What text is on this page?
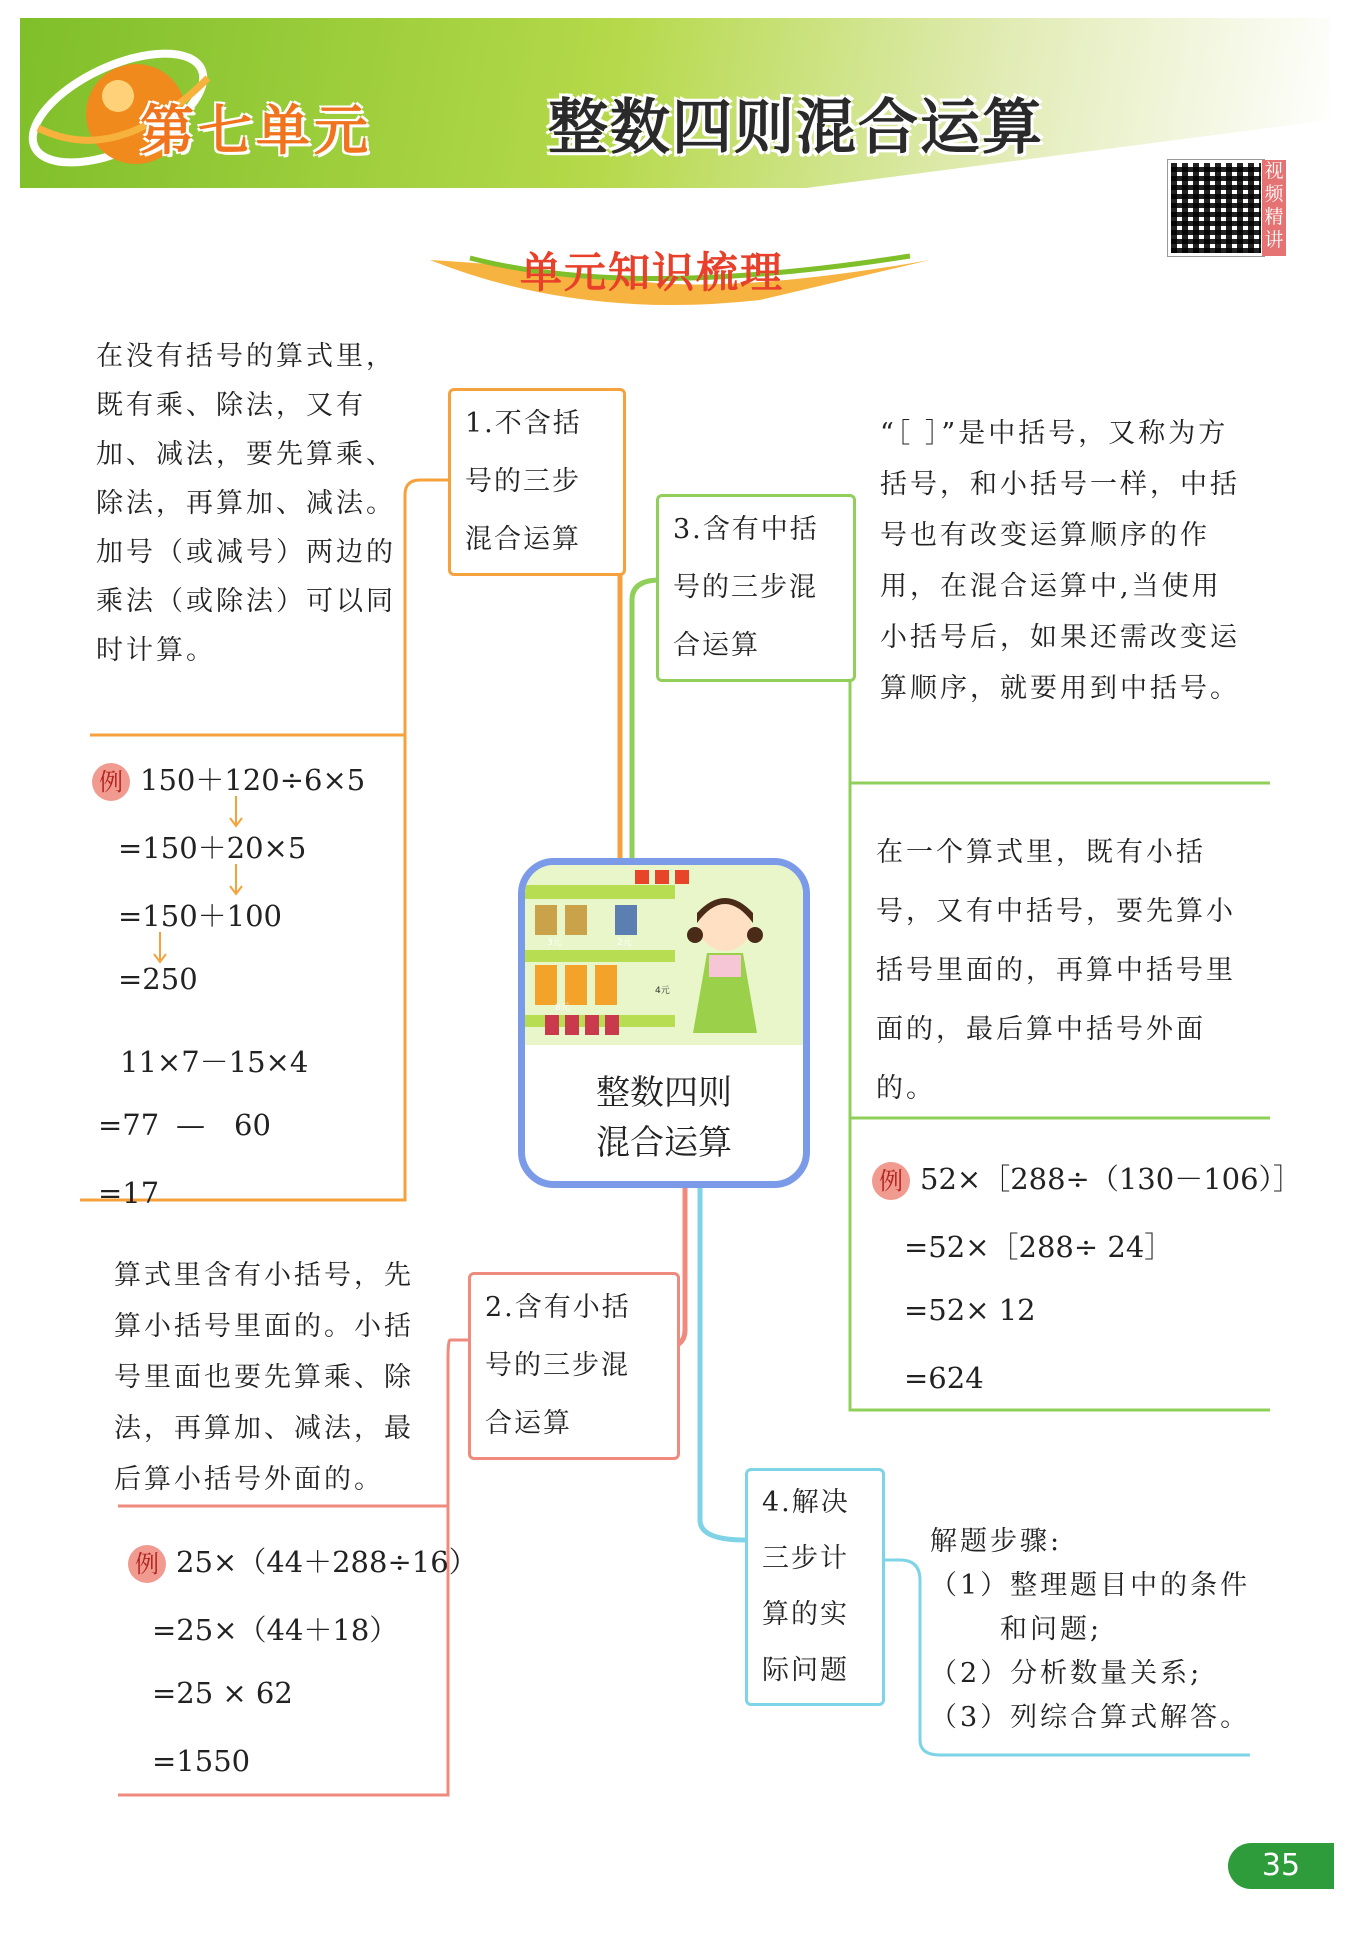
第七单元	整数四则混合运算
视频精讲
单元知识梳理
1.不含括
号的三步
混合运算
在没有括号的算式里，既有乘、除法，又有加、减法，要先算乘、除法，再算加、减法。加号（或减号）两边的乘法（或除法）可以同时计算。
例 150＋120÷6×5
=150＋20×5
=150＋100
=250
11×7－15×4
=77 — 60
=17
3.含有中括
号的三步混
合运算
“［ ］”是中括号，又称为方括号，和小括号一样，中括号也有改变运算顺序的作用，在混合运算中,当使用小括号后，如果还需改变运算顺序，就要用到中括号。
在一个算式里，既有小括号，又有中括号，要先算小括号里面的，再算中括号里面的，最后算中括号外面的。
例 52×［288÷（130－106）］
=52×［288÷ 24］
=52× 12
=624
2.含有小括
号的三步混
合运算
算式里含有小括号，先算小括号里面的。小括号里面也要先算乘、除法，再算加、减法，最后算小括号外面的。
例 25×（44＋288÷16）
=25×（44＋18）
=25 × 62
=1550
4.解决
三步计
算的实
际问题
解题步骤:
（1）整理题目中的条件
和问题;
（2）分析数量关系;
（3）列综合算式解答。
3元	2元
8元
4元
整数四则
混合运算
35
